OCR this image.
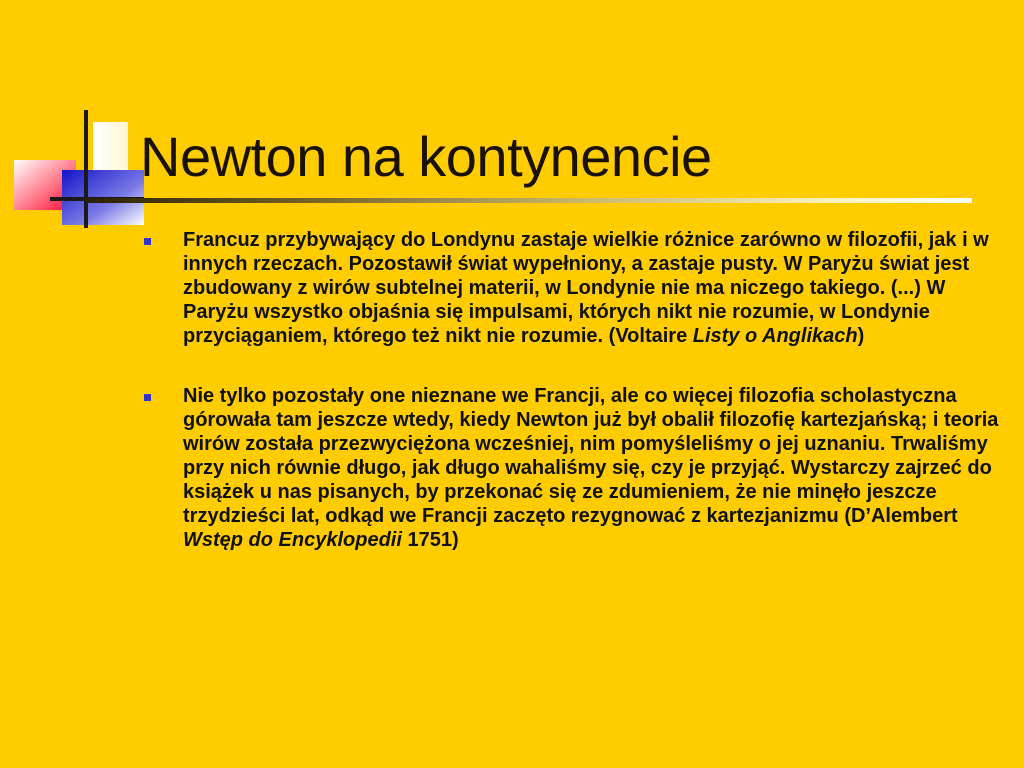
Newton na kontynencie
Francuz przybywający do Londynu zastaje wielkie różnice zarówno w filozofii, jak i w innych rzeczach. Pozostawił świat wypełniony, a zastaje pusty. W Paryżu świat jest zbudowany z wirów subtelnej materii, w Londynie nie ma niczego takiego. (...) W Paryżu wszystko objaśnia się impulsami, których nikt nie rozumie, w Londynie przyciąganiem, którego też nikt nie rozumie. (Voltaire Listy o Anglikach)
Nie tylko pozostały one nieznane we Francji, ale co więcej filozofia scholastyczna górowała tam jeszcze wtedy, kiedy Newton już był obalił filozofię kartezjańską; i teoria wirów została przezwyciężona wcześniej, nim pomyśleliśmy o jej uznaniu. Trwaliśmy przy nich równie długo, jak długo wahaliśmy się, czy je przyjąć. Wystarczy zajrzeć do książek u nas pisanych, by przekonać się ze zdumieniem, że nie minęło jeszcze trzydzieści lat, odkąd we Francji zaczęto rezygnować z kartezjanizmu (D’Alembert Wstęp do Encyklopedii 1751)
